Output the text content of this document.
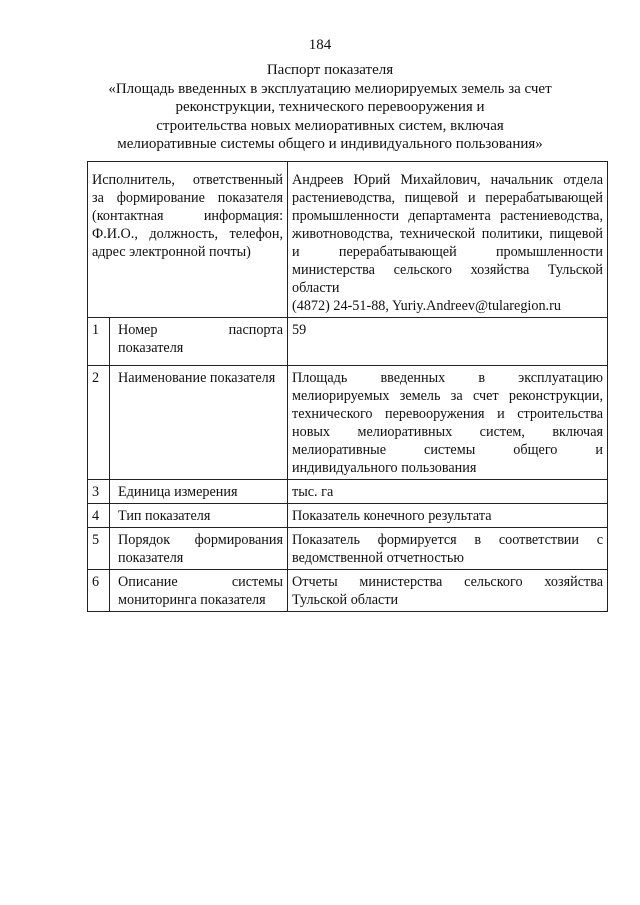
184
Паспорт показателя
«Площадь введенных в эксплуатацию мелиорируемых земель за счет
реконструкции, технического перевооружения и
строительства новых мелиоративных систем, включая
мелиоративные системы общего и индивидуального пользования»
Исполнитель, ответственный за формирование показателя (контактная информация: Ф.И.О., должность, телефон, адрес электронной почты)		Андреев Юрий Михайлович, начальник отдела растениеводства, пищевой и перерабатывающей промышленности департамента растениеводства, животноводства, технической политики, пищевой и перерабатывающей промышленности министерства сельского хозяйства Тульской области
(4872) 24-51-88, Yuriy.Andreev@tularegion.ru

1	Номер паспорта показателя	59
2	Наименование показателя	Площадь введенных в эксплуатацию мелиорируемых земель за счет реконструкции, технического перевооружения и строительства новых мелиоративных систем, включая мелиоративные системы общего и индивидуального пользования
3	Единица измерения	тыс. га
4	Тип показателя	Показатель конечного результата
5	Порядок формирования показателя	Показатель формируется в соответствии с ведомственной отчетностью
6	Описание системы мониторинга показателя	Отчеты министерства сельского хозяйства Тульской области
